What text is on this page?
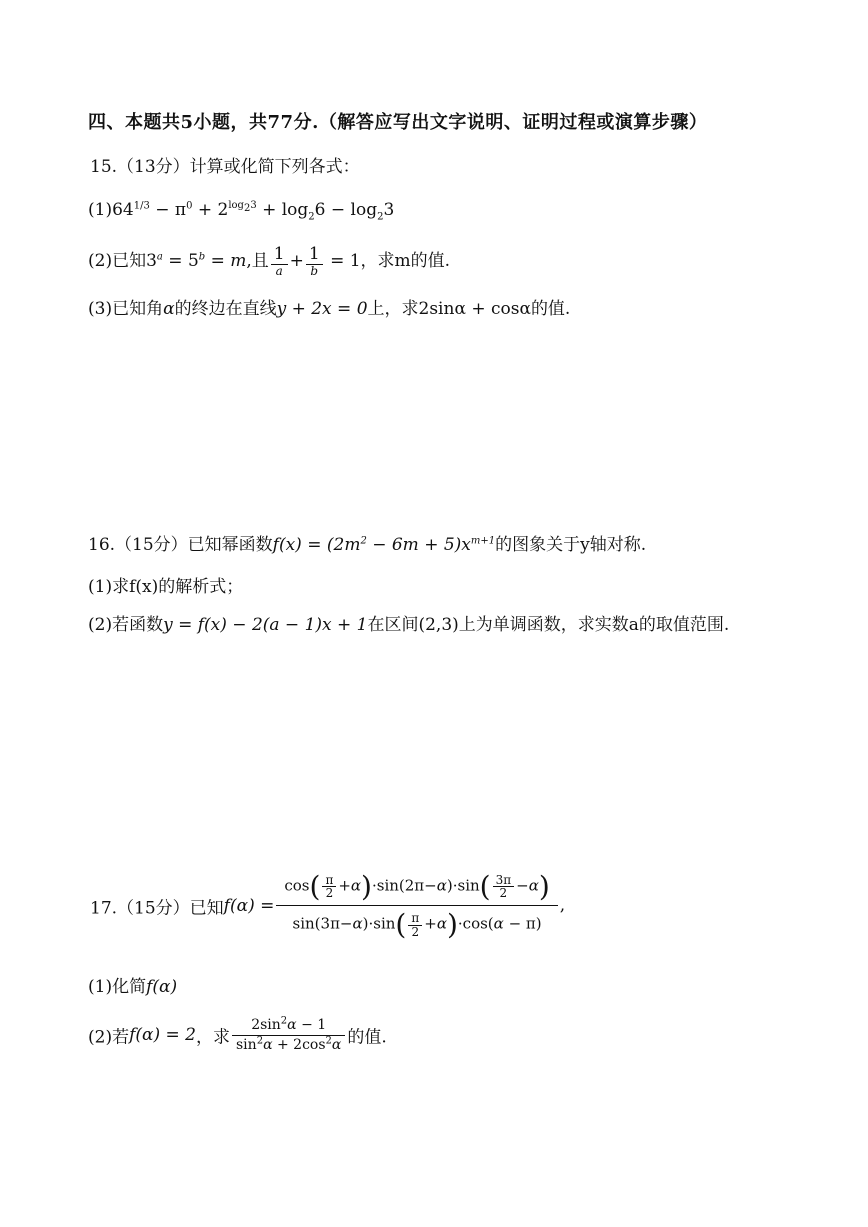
四、本题共5小题，共77分.（解答应写出文字说明、证明过程或演算步骤）
15.（13分）计算或化简下列各式：
$(1)64^{1/3} - \pi^0 + 2^{log_23} + \log_26 - \log_23$
(2)已知$3^a = 5^b = m$,且 $\frac{1}{a} + \frac{1}{b} = 1$，求m的值.
(3)已知角α的终边在直线y + 2x = 0上，求2sinα + cosα的值.
16.（15分）已知幂函数$f(x) = (2m^2 - 6m + 5)x^{m+1}$的图象关于y轴对称.
(1)求f(x)的解析式；
(2)若函数y = f(x) − 2(a − 1)x + 1在区间(2,3)上为单调函数，求实数a的取值范围.
17.（15分）已知$f(\alpha) = \frac{\cos( \frac{\pi}{2} +\alpha)\cdot\sin(2\pi-\alpha)\cdot\sin( \frac{3\pi}{2} -\alpha)}{\sin(3\pi-\alpha)\cdot\sin( \frac{\pi}{2} +\alpha)\cdot\cos(\alpha - \pi)}$ ,
(1)化简f(α)
(2)若f(α) = 2，求 $\frac{2\sin^2\alpha - 1}{\sin^2\alpha + 2\cos^2\alpha}$ 的值.
